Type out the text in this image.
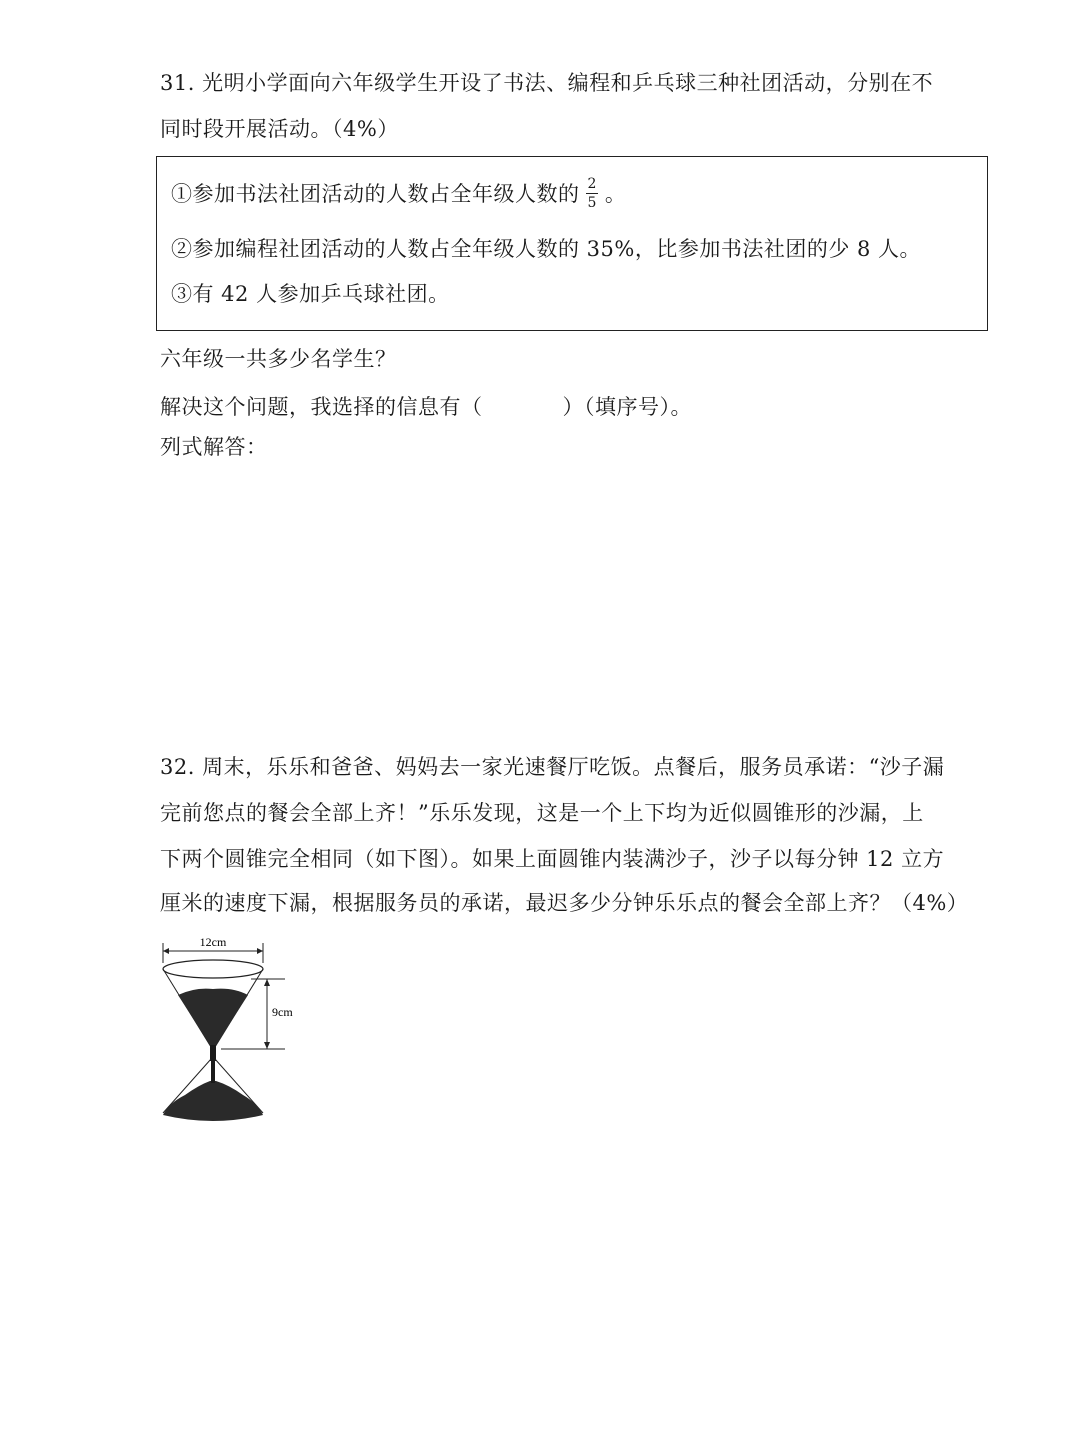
31. 光明小学面向六年级学生开设了书法、编程和乒乓球三种社团活动，分别在不
同时段开展活动。（4%）
①参加书法社团活动的人数占全年级人数的 $\frac{2}{5}$ 。
②参加编程社团活动的人数占全年级人数的 35%，比参加书法社团的少 8 人。
③有 42 人参加乒乓球社团。
六年级一共多少名学生？
解决这个问题，我选择的信息有（	）（填序号）。
列式解答：
32. 周末，乐乐和爸爸、妈妈去一家光速餐厅吃饭。点餐后，服务员承诺：“沙子漏
完前您点的餐会全部上齐！”乐乐发现，这是一个上下均为近似圆锥形的沙漏，上
下两个圆锥完全相同（如下图）。如果上面圆锥内装满沙子，沙子以每分钟 12 立方
厘米的速度下漏，根据服务员的承诺，最迟多少分钟乐乐点的餐会全部上齐？（4%）
12cm
9cm
